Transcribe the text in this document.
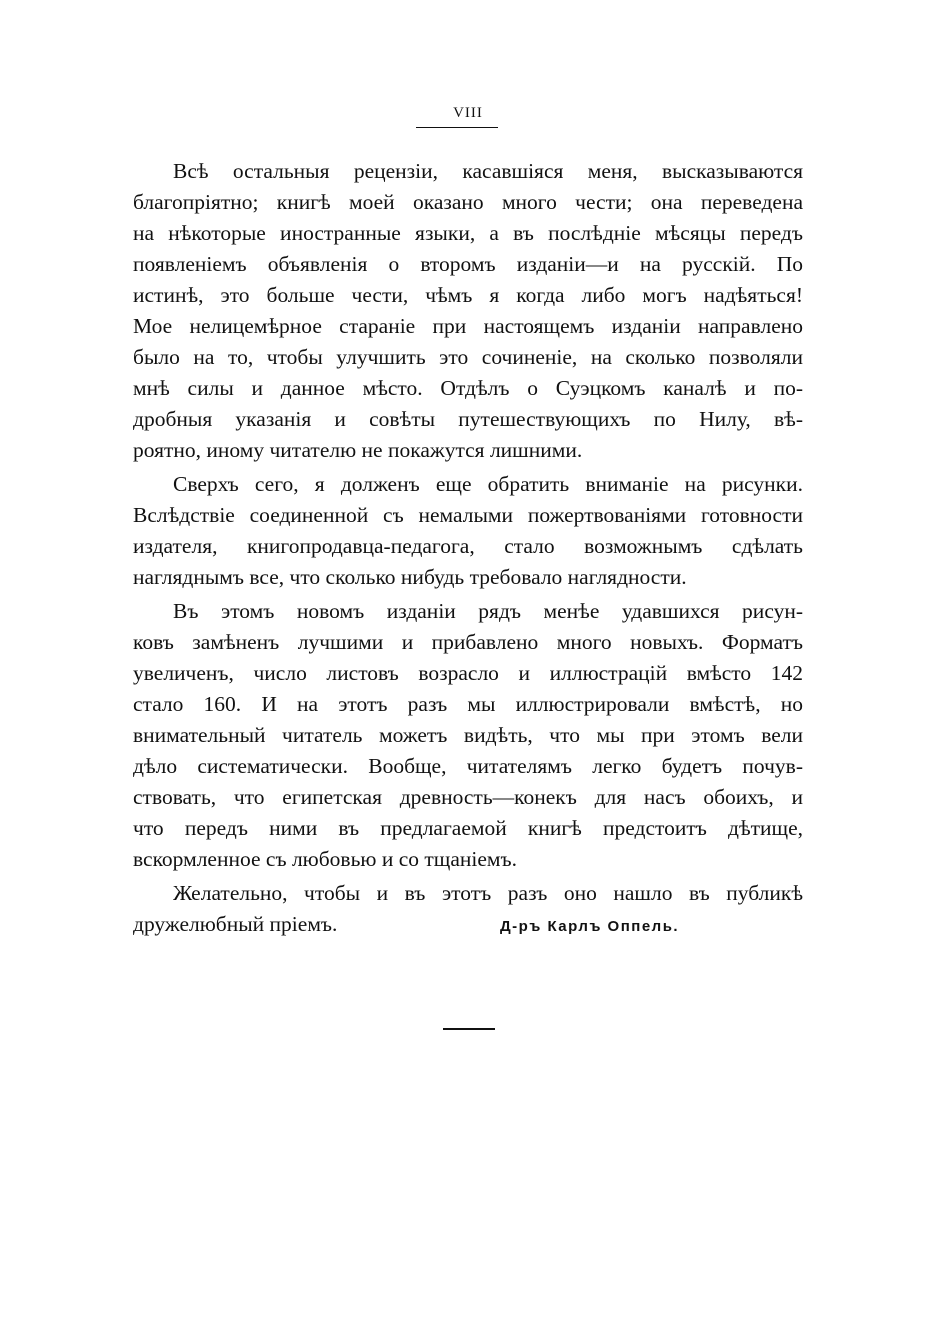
VIII
Всѣ остальныя рецензіи, касавшіяся меня, высказываются
благопріятно; книгѣ моей оказано много чести; она переведена
на нѣкоторые иностранные языки, а въ послѣдніе мѣсяцы передъ
появленіемъ объявленія о второмъ изданіи—и на русскій. По
истинѣ, это больше чести, чѣмъ я когда либо могъ надѣяться!
Мое нелицемѣрное стараніе при настоящемъ изданіи направлено
было на то, чтобы улучшить это сочиненіе, на сколько позволяли
мнѣ силы и данное мѣсто. Отдѣлъ о Суэцкомъ каналѣ и по-
дробныя указанія и совѣты путешествующихъ по Нилу, вѣ-
роятно, иному читателю не покажутся лишними.
Сверхъ сего, я долженъ еще обратить вниманіе на рисунки.
Вслѣдствіе соединенной съ немалыми пожертвованіями готовности
издателя, книгопродавца-педагога, стало возможнымъ сдѣлать
нагляднымъ все, что сколько нибудь требовало наглядности.
Въ этомъ новомъ изданіи рядъ менѣе удавшихся рисун-
ковъ замѣненъ лучшими и прибавлено много новыхъ. Форматъ
увеличенъ, число листовъ возрасло и иллюстрацій вмѣсто 142
стало 160. И на этотъ разъ мы иллюстрировали вмѣстѣ, но
внимательный читатель можетъ видѣть, что мы при этомъ вели
дѣло систематически. Вообще, читателямъ легко будетъ почув-
ствовать, что египетская древность—конекъ для насъ обоихъ, и
что передъ ними въ предлагаемой книгѣ предстоитъ дѣтище,
вскормленное съ любовью и со тщаніемъ.
Желательно, чтобы и въ этотъ разъ оно нашло въ публикѣ
дружелюбный пріемъ.	Д-ръ Карлъ Оппель.
